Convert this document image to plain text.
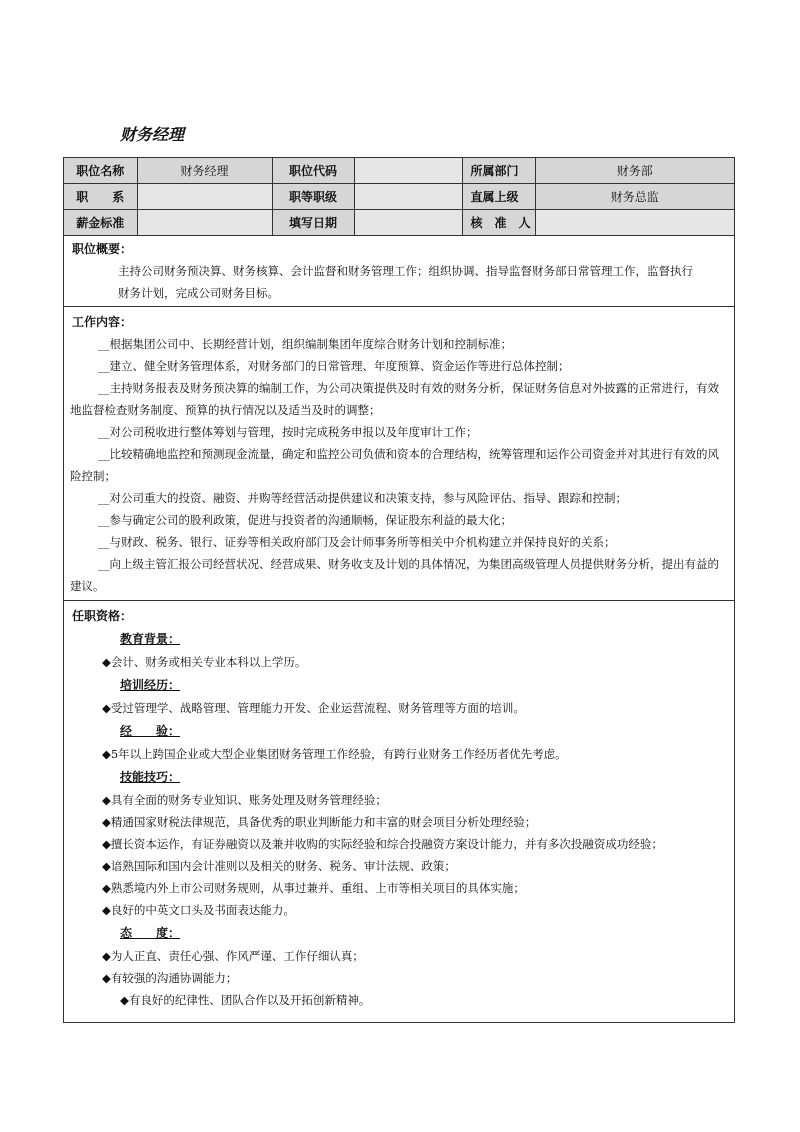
财务经理
职位名称	财务经理	职位代码		所属部门	财务部
职　　系		职等职级		直属上级	财务总监
薪金标准		填写日期		核　准　人	
职位概要：
主持公司财务预决算、财务核算、会计监督和财务管理工作；组织协调、指导监督财务部日常管理工作，监督执行
财务计划，完成公司财务目标。
工作内容：
__根据集团公司中、长期经营计划，组织编制集团年度综合财务计划和控制标准；
__建立、健全财务管理体系，对财务部门的日常管理、年度预算、资金运作等进行总体控制；
__主持财务报表及财务预决算的编制工作，为公司决策提供及时有效的财务分析，保证财务信息对外披露的正常进行，有效地监督检查财务制度、预算的执行情况以及适当及时的调整；
__对公司税收进行整体筹划与管理，按时完成税务申报以及年度审计工作；
__比较精确地监控和预测现金流量，确定和监控公司负债和资本的合理结构，统筹管理和运作公司资金并对其进行有效的风险控制；
__对公司重大的投资、融资、并购等经营活动提供建议和决策支持，参与风险评估、指导、跟踪和控制；
__参与确定公司的股利政策，促进与投资者的沟通顺畅，保证股东利益的最大化；
__与财政、税务、银行、证券等相关政府部门及会计师事务所等相关中介机构建立并保持良好的关系；
__向上级主管汇报公司经营状况、经营成果、财务收支及计划的具体情况，为集团高级管理人员提供财务分析，提出有益的建议。
任职资格：
教育背景：
◆会计、财务或相关专业本科以上学历。
培训经历：
◆受过管理学、战略管理、管理能力开发、企业运营流程、财务管理等方面的培训。
经　　验：
◆5年以上跨国企业或大型企业集团财务管理工作经验，有跨行业财务工作经历者优先考虑。
技能技巧：
◆具有全面的财务专业知识、账务处理及财务管理经验；
◆精通国家财税法律规范，具备优秀的职业判断能力和丰富的财会项目分析处理经验；
◆擅长资本运作，有证券融资以及兼并收购的实际经验和综合投融资方案设计能力，并有多次投融资成功经验；
◆谙熟国际和国内会计准则以及相关的财务、税务、审计法规、政策；
◆熟悉境内外上市公司财务规则，从事过兼并、重组、上市等相关项目的具体实施；
◆良好的中英文口头及书面表达能力。
态　　度：
◆为人正直、责任心强、作风严谨、工作仔细认真；
◆有较强的沟通协调能力；
◆有良好的纪律性、团队合作以及开拓创新精神。
